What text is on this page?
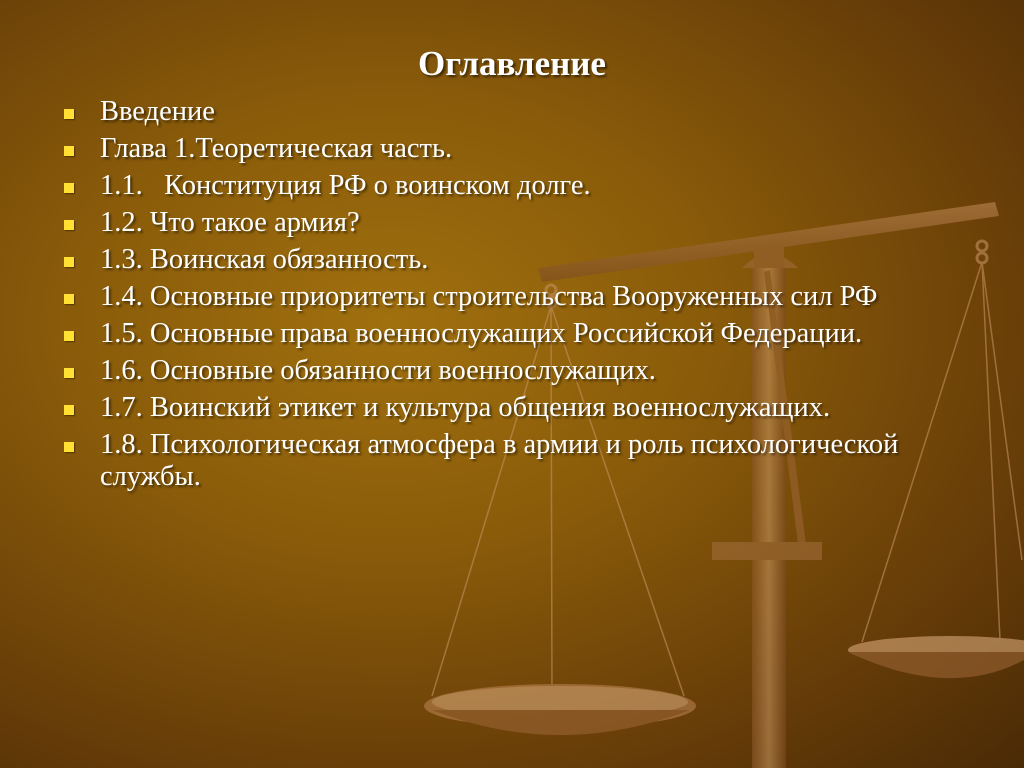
Оглавление
Введение
Глава 1.Теоретическая часть.
1.1.   Конституция РФ о воинском долге.
1.2. Что такое армия?
1.3. Воинская обязанность.
1.4. Основные приоритеты строительства Вооруженных сил РФ
1.5. Основные права военнослужащих Российской Федерации.
1.6. Основные обязанности военнослужащих.
1.7. Воинский этикет и культура общения военнослужащих.
1.8. Психологическая атмосфера в армии и роль психологической службы.
